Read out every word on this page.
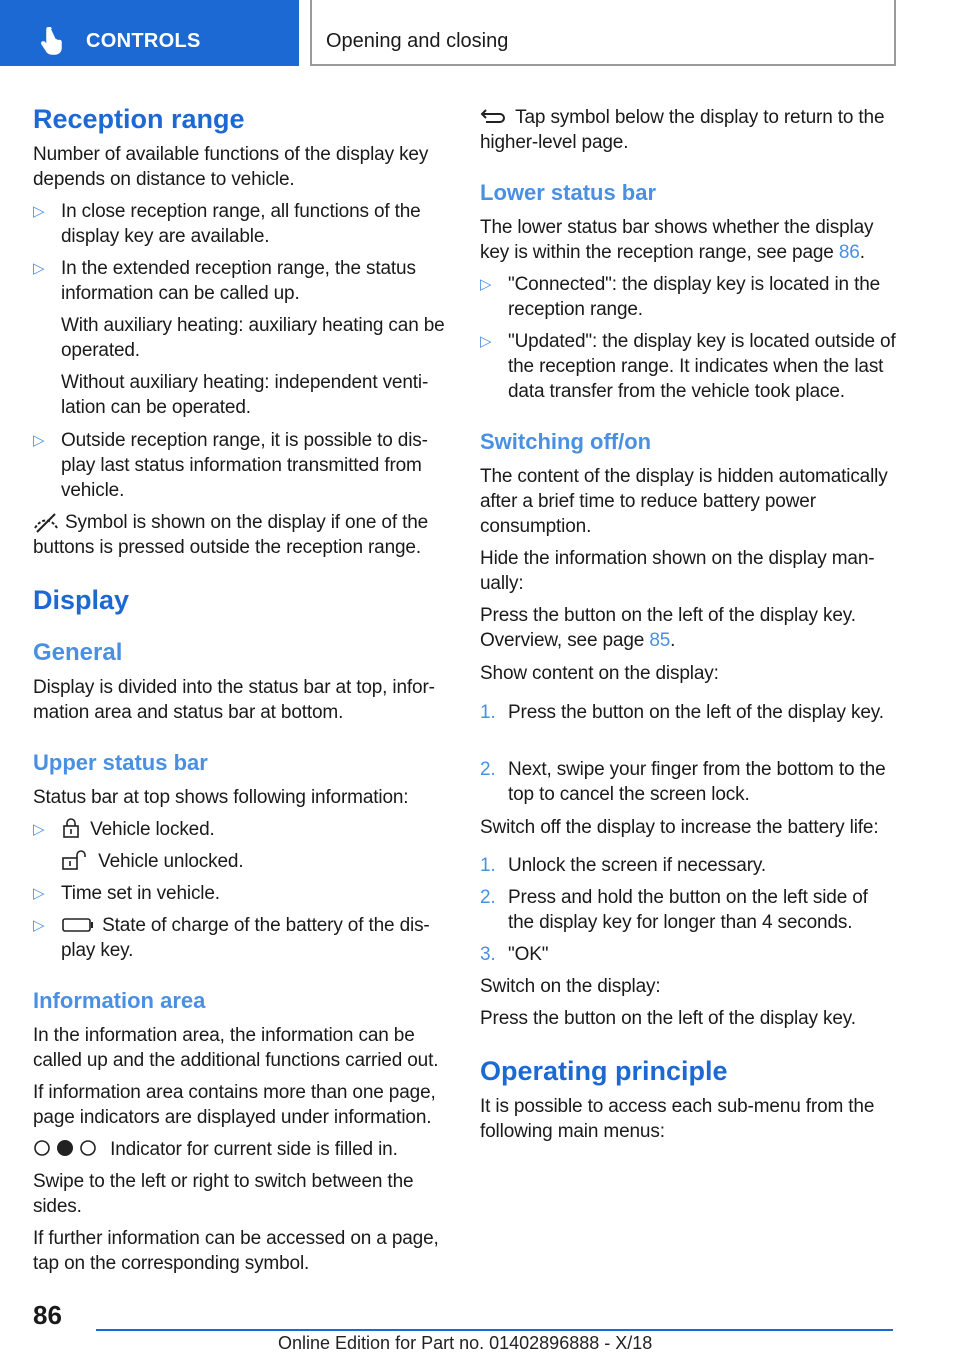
CONTROLS	Opening and closing
Reception range

Number of available functions of the display key depends on distance to vehicle.

▷ In close reception range, all functions of the display key are available.
▷ In the extended reception range, the status information can be called up.

With auxiliary heating: auxiliary heating can be operated.

Without auxiliary heating: independent ventilation can be operated.

▷ Outside reception range, it is possible to display last status information transmitted from vehicle.

Symbol is shown on the display if one of the buttons is pressed outside the reception range.

Display
General

Display is divided into the status bar at top, information area and status bar at bottom.

Upper status bar

Status bar at top shows following information:

▷ Vehicle locked.

Vehicle unlocked.

▷ Time set in vehicle.
▷	State of charge of the battery of the display key.
Information area

In the information area, the information can be called up and the additional functions carried out.

If information area contains more than one page, page indicators are displayed under information.

Indicator for current side is filled in.

Swipe to the left or right to switch between the sides.

If further information can be accessed on a page, tap on the corresponding symbol.

Tap symbol below the display to return to the higher-level page.

Lower status bar

The lower status bar shows whether the display key is within the reception range, see page 86.

▷ "Connected": the display key is located in the reception range.
▷ "Updated": the display key is located outside of the reception range. It indicates when the last data transfer from the vehicle took place.
Switching off/on

The content of the display is hidden automatically after a brief time to reduce battery power consumption.

Hide the information shown on the display manually:

Press the button on the left of the display key. Overview, see page 85.

Show content on the display:

1. Press the button on the left of the display key.
2. Next, swipe your finger from the bottom to the top to cancel the screen lock.

Switch off the display to increase the battery life:

1. Unlock the screen if necessary.
2. Press and hold the button on the left side of the display key for longer than 4 seconds.
3. "OK"

Switch on the display:

Press the button on the left of the display key.

Operating principle

It is possible to access each sub-menu from the following main menus:

86
Online Edition for Part no. 01402896888 - X/18
